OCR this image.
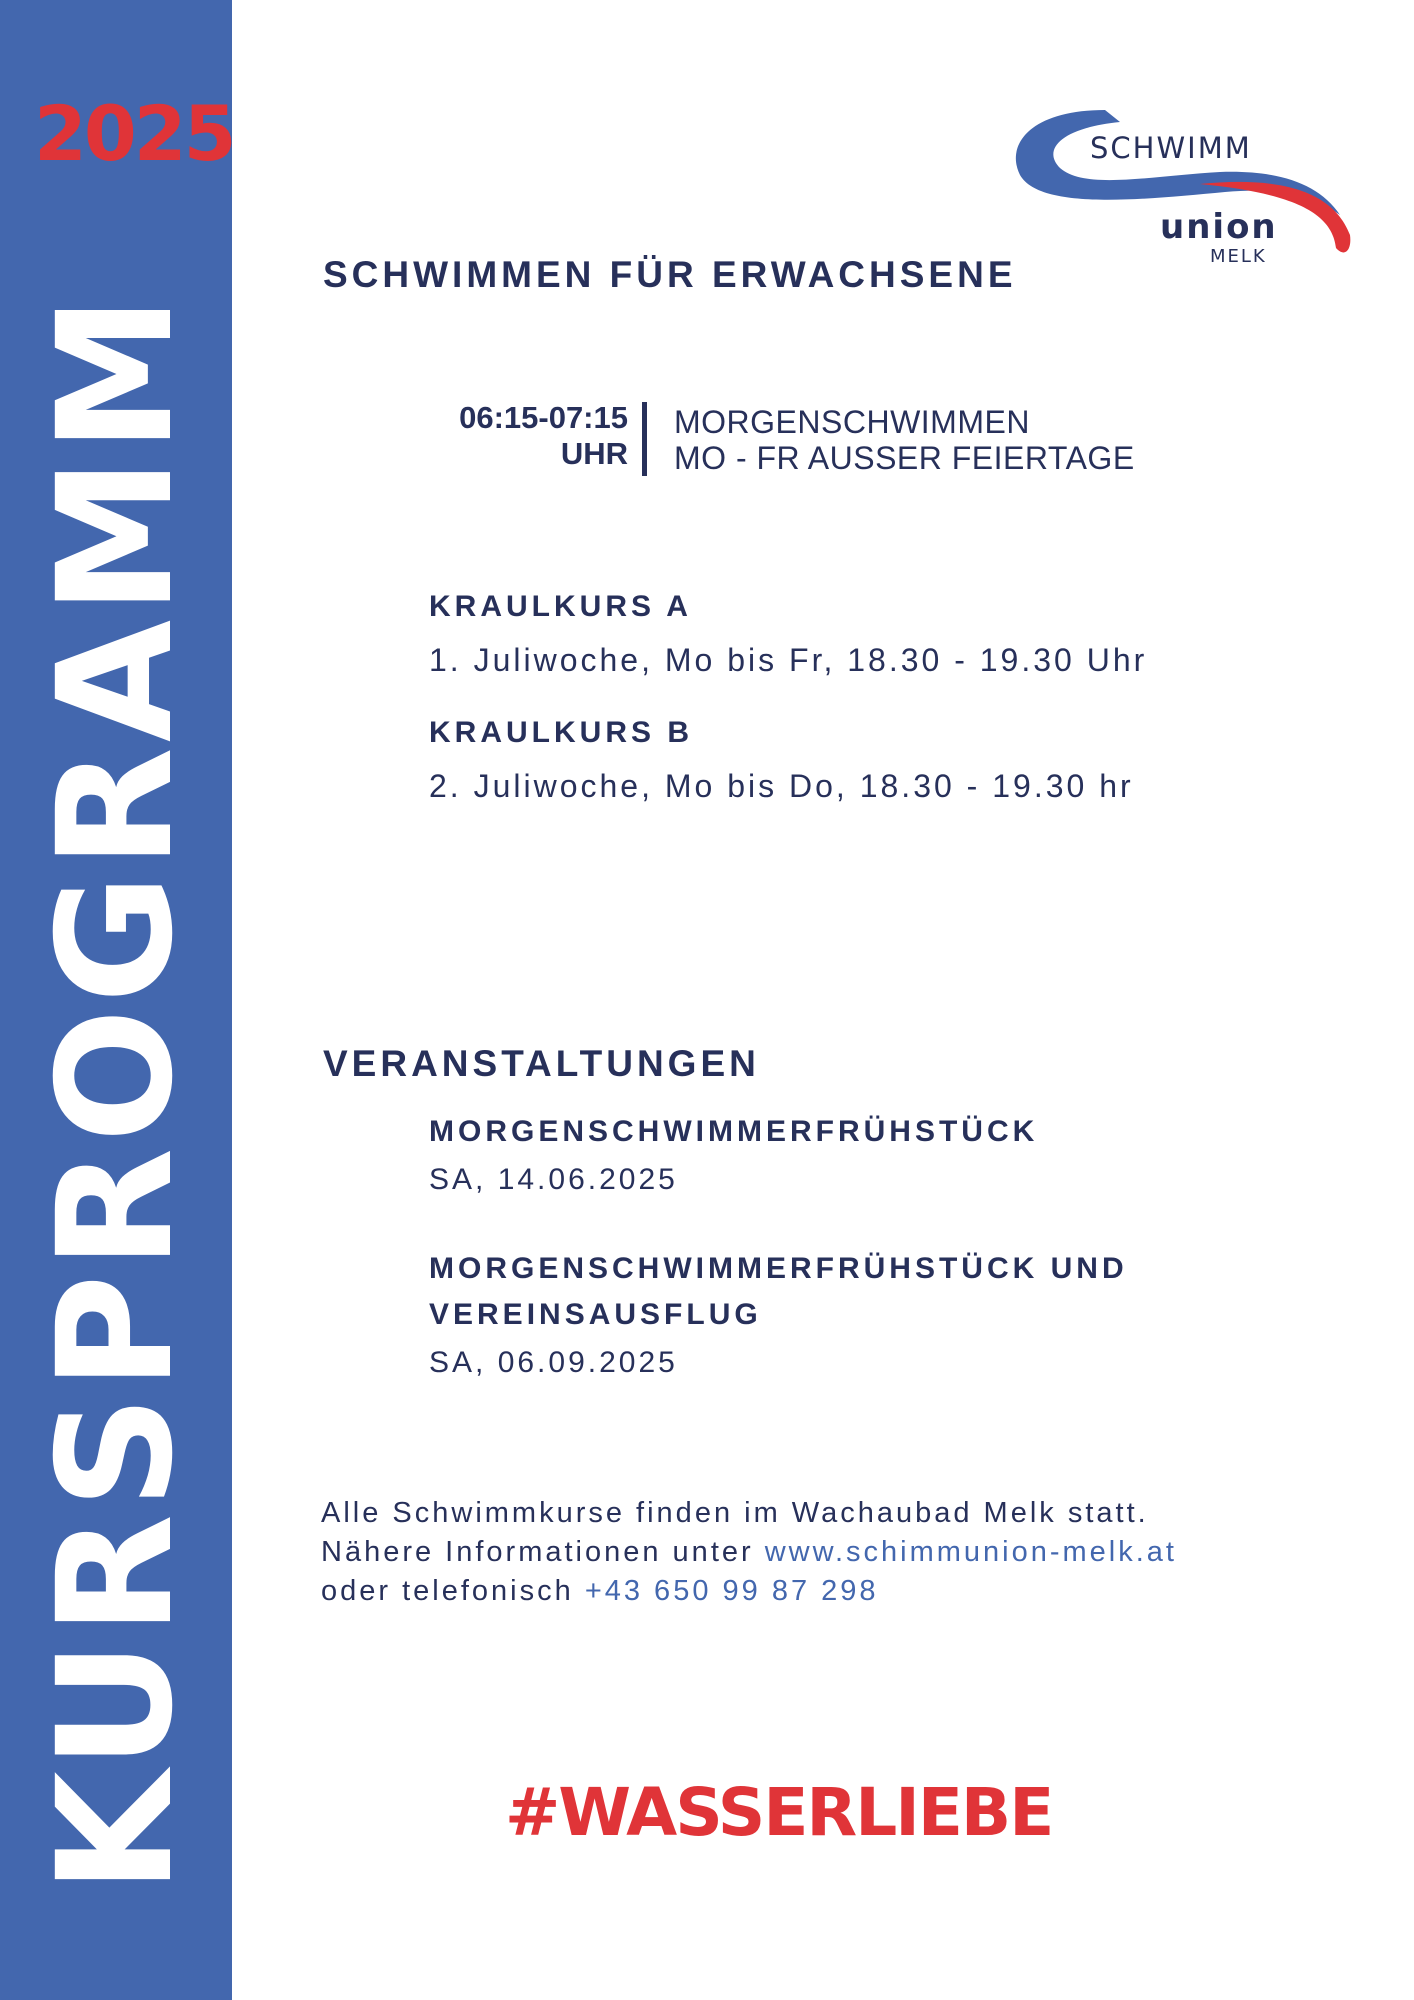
2025
KURSPROGRAMM
SCHWIMM
union
MELK
SCHWIMMEN FÜR ERWACHSENE
06:15-07:15
UHR
MORGENSCHWIMMEN
MO - FR AUSSER FEIERTAGE
KRAULKURS A
1. Juliwoche, Mo bis Fr, 18.30 - 19.30 Uhr
KRAULKURS B
2. Juliwoche, Mo bis Do, 18.30 - 19.30 hr
VERANSTALTUNGEN
MORGENSCHWIMMERFRÜHSTÜCK
SA, 14.06.2025
MORGENSCHWIMMERFRÜHSTÜCK UND
VEREINSAUSFLUG
SA, 06.09.2025
Alle Schwimmkurse finden im Wachaubad Melk statt.
Nähere Informationen unter www.schimmunion-melk.at
oder telefonisch +43 650 99 87 298
#WASSERLIEBE
